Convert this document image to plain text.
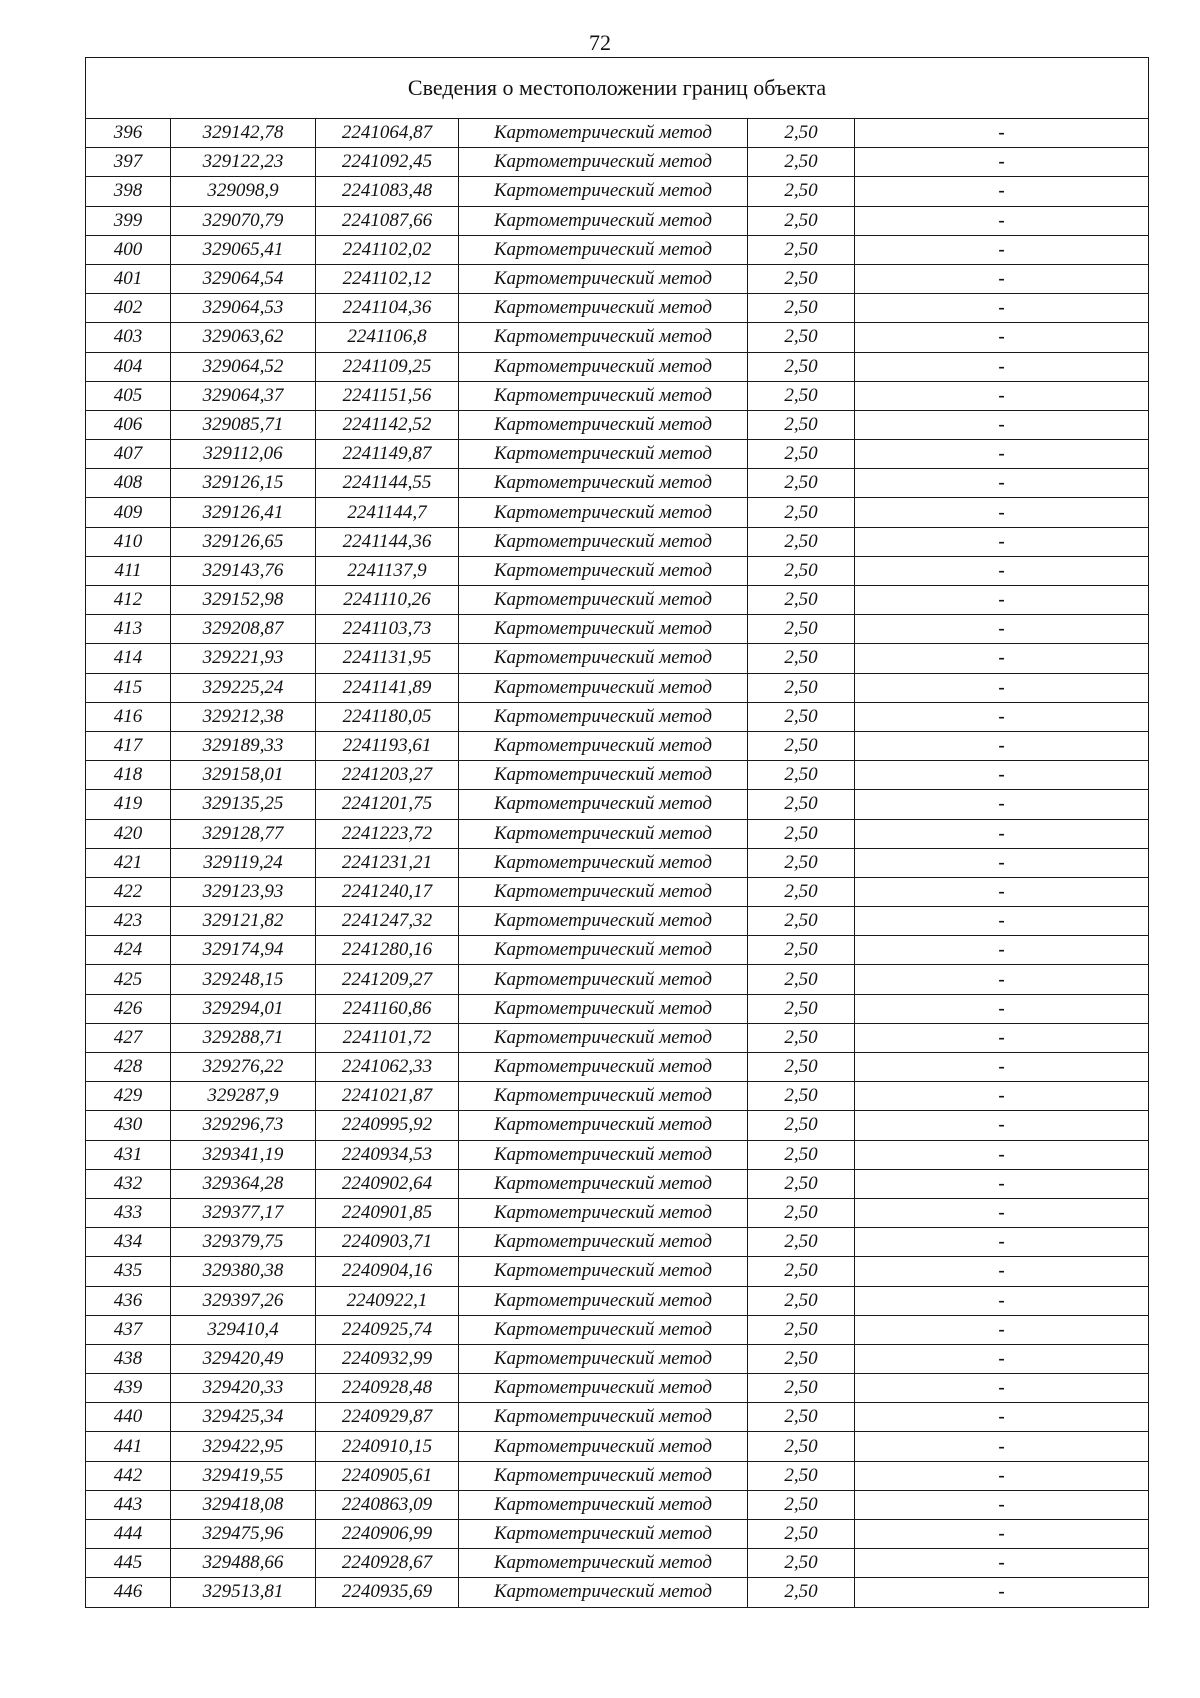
72
Сведения о местоположении границ объекта					
396	329142,78	2241064,87	Картометрический метод	2,50	-
397	329122,23	2241092,45	Картометрический метод	2,50	-
398	329098,9	2241083,48	Картометрический метод	2,50	-
399	329070,79	2241087,66	Картометрический метод	2,50	-
400	329065,41	2241102,02	Картометрический метод	2,50	-
401	329064,54	2241102,12	Картометрический метод	2,50	-
402	329064,53	2241104,36	Картометрический метод	2,50	-
403	329063,62	2241106,8	Картометрический метод	2,50	-
404	329064,52	2241109,25	Картометрический метод	2,50	-
405	329064,37	2241151,56	Картометрический метод	2,50	-
406	329085,71	2241142,52	Картометрический метод	2,50	-
407	329112,06	2241149,87	Картометрический метод	2,50	-
408	329126,15	2241144,55	Картометрический метод	2,50	-
409	329126,41	2241144,7	Картометрический метод	2,50	-
410	329126,65	2241144,36	Картометрический метод	2,50	-
411	329143,76	2241137,9	Картометрический метод	2,50	-
412	329152,98	2241110,26	Картометрический метод	2,50	-
413	329208,87	2241103,73	Картометрический метод	2,50	-
414	329221,93	2241131,95	Картометрический метод	2,50	-
415	329225,24	2241141,89	Картометрический метод	2,50	-
416	329212,38	2241180,05	Картометрический метод	2,50	-
417	329189,33	2241193,61	Картометрический метод	2,50	-
418	329158,01	2241203,27	Картометрический метод	2,50	-
419	329135,25	2241201,75	Картометрический метод	2,50	-
420	329128,77	2241223,72	Картометрический метод	2,50	-
421	329119,24	2241231,21	Картометрический метод	2,50	-
422	329123,93	2241240,17	Картометрический метод	2,50	-
423	329121,82	2241247,32	Картометрический метод	2,50	-
424	329174,94	2241280,16	Картометрический метод	2,50	-
425	329248,15	2241209,27	Картометрический метод	2,50	-
426	329294,01	2241160,86	Картометрический метод	2,50	-
427	329288,71	2241101,72	Картометрический метод	2,50	-
428	329276,22	2241062,33	Картометрический метод	2,50	-
429	329287,9	2241021,87	Картометрический метод	2,50	-
430	329296,73	2240995,92	Картометрический метод	2,50	-
431	329341,19	2240934,53	Картометрический метод	2,50	-
432	329364,28	2240902,64	Картометрический метод	2,50	-
433	329377,17	2240901,85	Картометрический метод	2,50	-
434	329379,75	2240903,71	Картометрический метод	2,50	-
435	329380,38	2240904,16	Картометрический метод	2,50	-
436	329397,26	2240922,1	Картометрический метод	2,50	-
437	329410,4	2240925,74	Картометрический метод	2,50	-
438	329420,49	2240932,99	Картометрический метод	2,50	-
439	329420,33	2240928,48	Картометрический метод	2,50	-
440	329425,34	2240929,87	Картометрический метод	2,50	-
441	329422,95	2240910,15	Картометрический метод	2,50	-
442	329419,55	2240905,61	Картометрический метод	2,50	-
443	329418,08	2240863,09	Картометрический метод	2,50	-
444	329475,96	2240906,99	Картометрический метод	2,50	-
445	329488,66	2240928,67	Картометрический метод	2,50	-
446	329513,81	2240935,69	Картометрический метод	2,50	-
